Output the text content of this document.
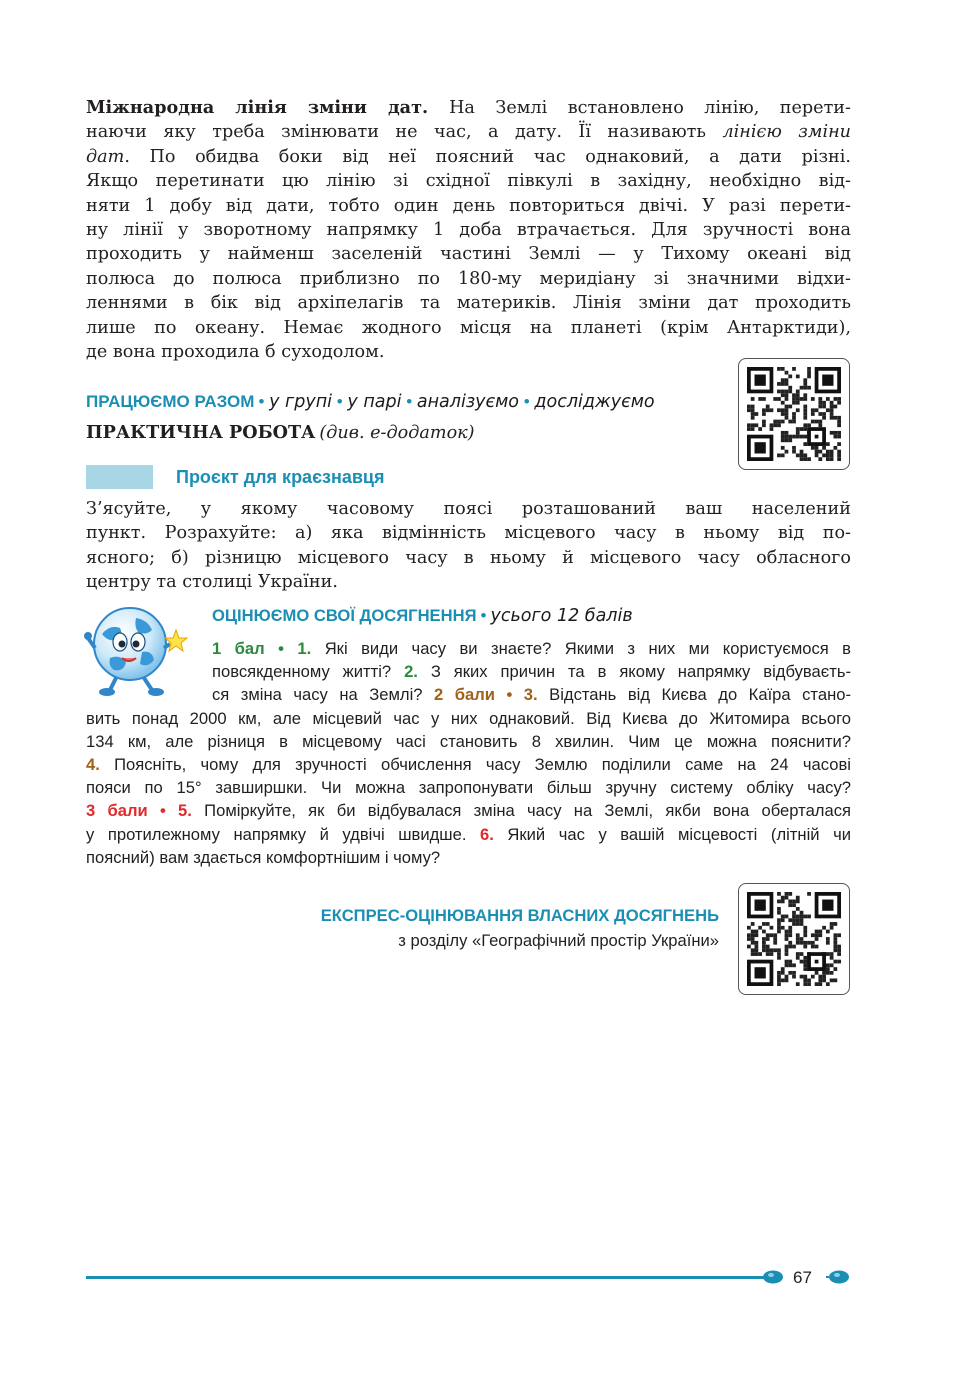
Міжнародна лінія зміни дат. На Землі встановлено лінію, перети-
наючи яку треба змінювати не час, а дату. Її називають лінією зміни
дат. По обидва боки від неї поясний час однаковий, а дати різні.
Якщо перетинати цю лінію зі східної півкулі в західну, необхідно від-
няти 1 добу від дати, тобто один день повториться двічі. У разі перети-
ну лінії у зворотному напрямку 1 доба втрачається. Для зручності вона
проходить у найменш заселеній частині Землі — у Тихому океані від
полюса до полюса приблизно по 180-му меридіану зі значними відхи-
леннями в бік від архіпелагів та материків. Лінія зміни дат проходить
лише по океану. Немає жодного місця на планеті (крім Антарктиди),
де вона проходила б суходолом.
ПРАЦЮЄМО РАЗОМ • у групі • у парі • аналізуємо • досліджуємо
ПРАКТИЧНА РОБОТА (див. е-додаток)
Проєкт для краєзнавця
З’ясуйте, у якому часовому поясі розташований ваш населений
пункт. Розрахуйте: а) яка відмінність місцевого часу в ньому від по-
ясного; б) різницю місцевого часу в ньому й місцевого часу обласного
центру та столиці України.
ОЦІНЮЄМО СВОЇ ДОСЯГНЕННЯ • усього 12 балів
1 бал • 1. Які види часу ви знаєте? Якими з них ми користуємося в
повсякденному житті? 2. З яких причин та в якому напрямку відбуваєть-
ся зміна часу на Землі? 2 бали • 3. Відстань від Києва до Каїра стано-
вить понад 2000 км, але місцевий час у них однаковий. Від Києва до Житомира всього
134 км, але різниця в місцевому часі становить 8 хвилин. Чим це можна пояснити?
4. Поясніть, чому для зручності обчислення часу Землю поділили саме на 24 часові
пояси по 15° завширшки. Чи можна запропонувати більш зручну систему обліку часу?
3 бали • 5. Поміркуйте, як би відбувалася зміна часу на Землі, якби вона оберталася
у протилежному напрямку й удвічі швидше. 6. Який час у вашій місцевості (літній чи
поясний) вам здається комфортнішим і чому?
ЕКСПРЕС-ОЦІНЮВАННЯ ВЛАСНИХ ДОСЯГНЕНЬ
з розділу «Географічний простір України»
67
